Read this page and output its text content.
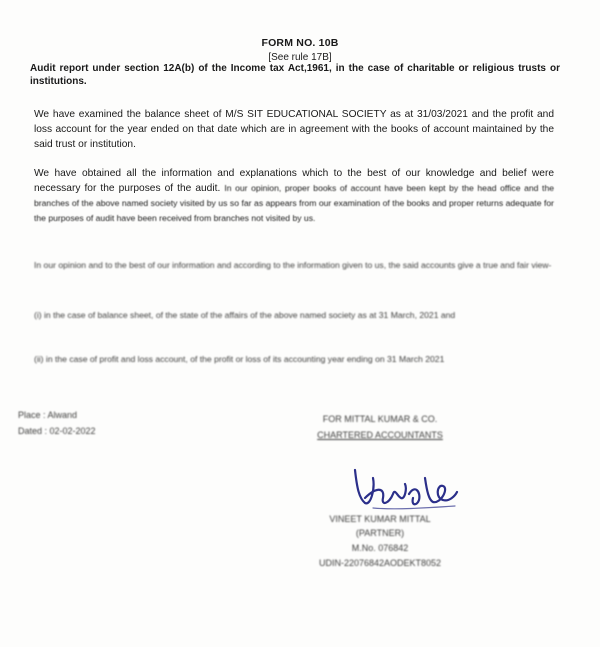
FORM NO. 10B
[See rule 17B]
Audit report under section 12A(b) of the Income tax Act,1961, in the case of charitable or religious trusts or institutions.
We have examined the balance sheet of M/S SIT EDUCATIONAL SOCIETY as at 31/03/2021 and the profit and loss account for the year ended on that date which are in agreement with the books of account maintained by the said trust or institution.
We have obtained all the information and explanations which to the best of our knowledge and belief were necessary for the purposes of the audit. In our opinion, proper books of account have been kept by the head office and the branches of the above named society visited by us so far as appears from our examination of the books and proper returns adequate for the purposes of audit have been received from branches not visited by us.
In our opinion and to the best of our information and according to the information given to us, the said accounts give a true and fair view-
(i) in the case of balance sheet, of the state of the affairs of the above named society as at 31 March, 2021 and
(ii) in the case of profit and loss account, of the profit or loss of its accounting year ending on 31 March 2021
Place : Alwand
Dated : 02-02-2022
FOR MITTAL KUMAR & CO.
CHARTERED ACCOUNTANTS
VINEET KUMAR MITTAL
(PARTNER)
M.No. 076842
UDIN-22076842AODEKT8052
